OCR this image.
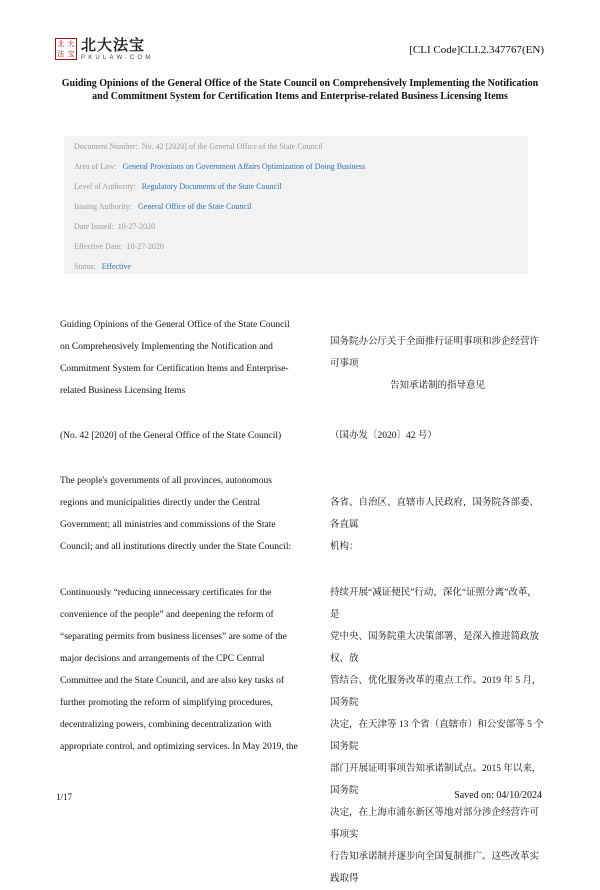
北 大
法 宝 北大法宝
PKULAW.COM
[CLI Code]CLI.2.347767(EN)
Guiding Opinions of the General Office of the State Council on Comprehensively Implementing the Notification
and Commitment System for Certification Items and Enterprise-related Business Licensing Items
Document Number: No. 42 [2020] of the General Office of the State Council
Area of Law: General Provisions on Government Affairs Optimization of Doing Business
Level of Authority: Regulatory Documents of the State Council
Issuing Authority: General Office of the State Council
Date Issued: 10-27-2020
Effective Date: 10-27-2020
Status: Effective
Guiding Opinions of the General Office of the State Council
on Comprehensively Implementing the Notification and
Commitment System for Certification Items and Enterprise-
related Business Licensing Items
(No. 42 [2020] of the General Office of the State Council)
The people's governments of all provinces, autonomous
regions and municipalities directly under the Central
Government; all ministries and commissions of the State
Council; and all institutions directly under the State Council:
Continuously “reducing unnecessary certificates for the
convenience of the people” and deepening the reform of
“separating permits from business licenses” are some of the
major decisions and arrangements of the CPC Central
Committee and the State Council, and are also key tasks of
further promoting the reform of simplifying procedures,
decentralizing powers, combining decentralization with
appropriate control, and optimizing services. In May 2019, the
国务院办公厅关于全面推行证明事项和涉企经营许可事项
告知承诺制的指导意见
（国办发〔2020〕42 号）
各省、自治区、直辖市人民政府，国务院各部委、各直属
机构：
持续开展“减证便民”行动，深化“证照分离”改革，是
党中央、国务院重大决策部署，是深入推进简政放权、放
管结合、优化服务改革的重点工作。2019 年 5 月，国务院
决定，在天津等 13 个省（直辖市）和公安部等 5 个国务院
部门开展证明事项告知承诺制试点。2015 年以来，国务院
决定，在上海市浦东新区等地对部分涉企经营许可事项实
行告知承诺制并逐步向全国复制推广。这些改革实践取得
1/17	Saved on: 04/10/2024
